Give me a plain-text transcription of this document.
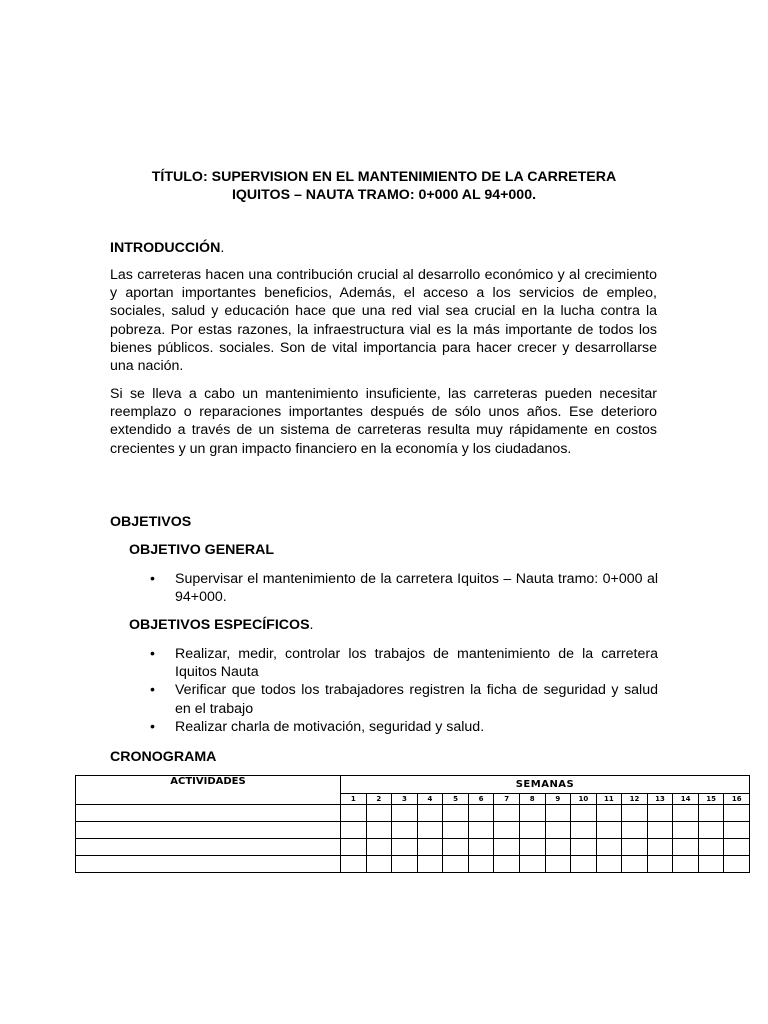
TÍTULO: SUPERVISION EN EL MANTENIMIENTO DE LA CARRETERA
IQUITOS – NAUTA TRAMO: 0+000 AL 94+000.
INTRODUCCIÓN.

Las carreteras hacen una contribución crucial al desarrollo económico y al crecimiento y aportan importantes beneficios, Además, el acceso a los servicios de empleo, sociales, salud y educación hace que una red vial sea crucial en la lucha contra la pobreza. Por estas razones, la infraestructura vial es la más importante de todos los bienes públicos. sociales. Son de vital importancia para hacer crecer y desarrollarse una nación.

Si se lleva a cabo un mantenimiento insuficiente, las carreteras pueden necesitar reemplazo o reparaciones importantes después de sólo unos años. Ese deterioro extendido a través de un sistema de carreteras resulta muy rápidamente en costos crecientes y un gran impacto financiero en la economía y los ciudadanos.

OBJETIVOS
OBJETIVO GENERAL
• Supervisar el mantenimiento de la carretera Iquitos – Nauta tramo: 0+000 al 94+000.
OBJETIVOS ESPECÍFICOS.
• Realizar, medir, controlar los trabajos de mantenimiento de la carretera Iquitos Nauta
• Verificar que todos los trabajadores registren la ficha de seguridad y salud en el trabajo
• Realizar charla de motivación, seguridad y salud.
CRONOGRAMA
ACTIVIDADES	SEMANAS															
	1	2	3	4	5	6	7	8	9	10	11	12	13	14	15	16
